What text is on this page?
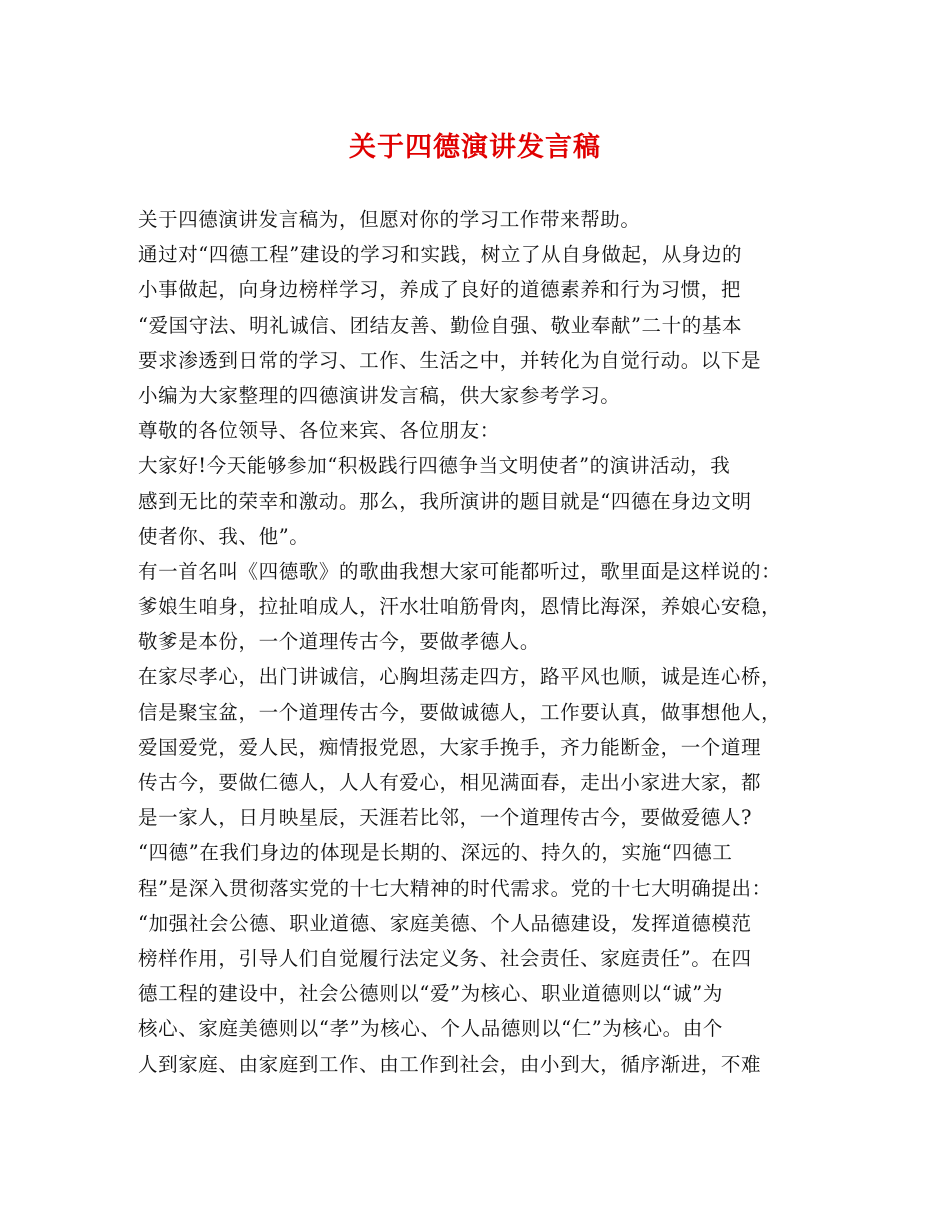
关于四德演讲发言稿
关于四德演讲发言稿为，但愿对你的学习工作带来帮助。
通过对“四德工程”建设的学习和实践，树立了从自身做起，从身边的
小事做起，向身边榜样学习，养成了良好的道德素养和行为习惯，把
“爱国守法、明礼诚信、团结友善、勤俭自强、敬业奉献”二十的基本
要求渗透到日常的学习、工作、生活之中，并转化为自觉行动。以下是
小编为大家整理的四德演讲发言稿，供大家参考学习。
尊敬的各位领导、各位来宾、各位朋友：
大家好!今天能够参加“积极践行四德争当文明使者”的演讲活动，我
感到无比的荣幸和激动。那么，我所演讲的题目就是“四德在身边文明
使者你、我、他”。
有一首名叫《四德歌》的歌曲我想大家可能都听过，歌里面是这样说的：
爹娘生咱身，拉扯咱成人，汗水壮咱筋骨肉，恩情比海深，养娘心安稳，
敬爹是本份，一个道理传古今，要做孝德人。
在家尽孝心，出门讲诚信，心胸坦荡走四方，路平风也顺，诚是连心桥，
信是聚宝盆，一个道理传古今，要做诚德人，工作要认真，做事想他人，
爱国爱党，爱人民，痴情报党恩，大家手挽手，齐力能断金，一个道理
传古今，要做仁德人，人人有爱心，相见满面春，走出小家进大家，都
是一家人，日月映星辰，天涯若比邻，一个道理传古今，要做爱德人?
“四德”在我们身边的体现是长期的、深远的、持久的，实施“四德工
程”是深入贯彻落实党的十七大精神的时代需求。党的十七大明确提出：
“加强社会公德、职业道德、家庭美德、个人品德建设，发挥道德模范
榜样作用，引导人们自觉履行法定义务、社会责任、家庭责任”。在四
德工程的建设中，社会公德则以“爱”为核心、职业道德则以“诚”为
核心、家庭美德则以“孝”为核心、个人品德则以“仁”为核心。由个
人到家庭、由家庭到工作、由工作到社会，由小到大，循序渐进，不难
